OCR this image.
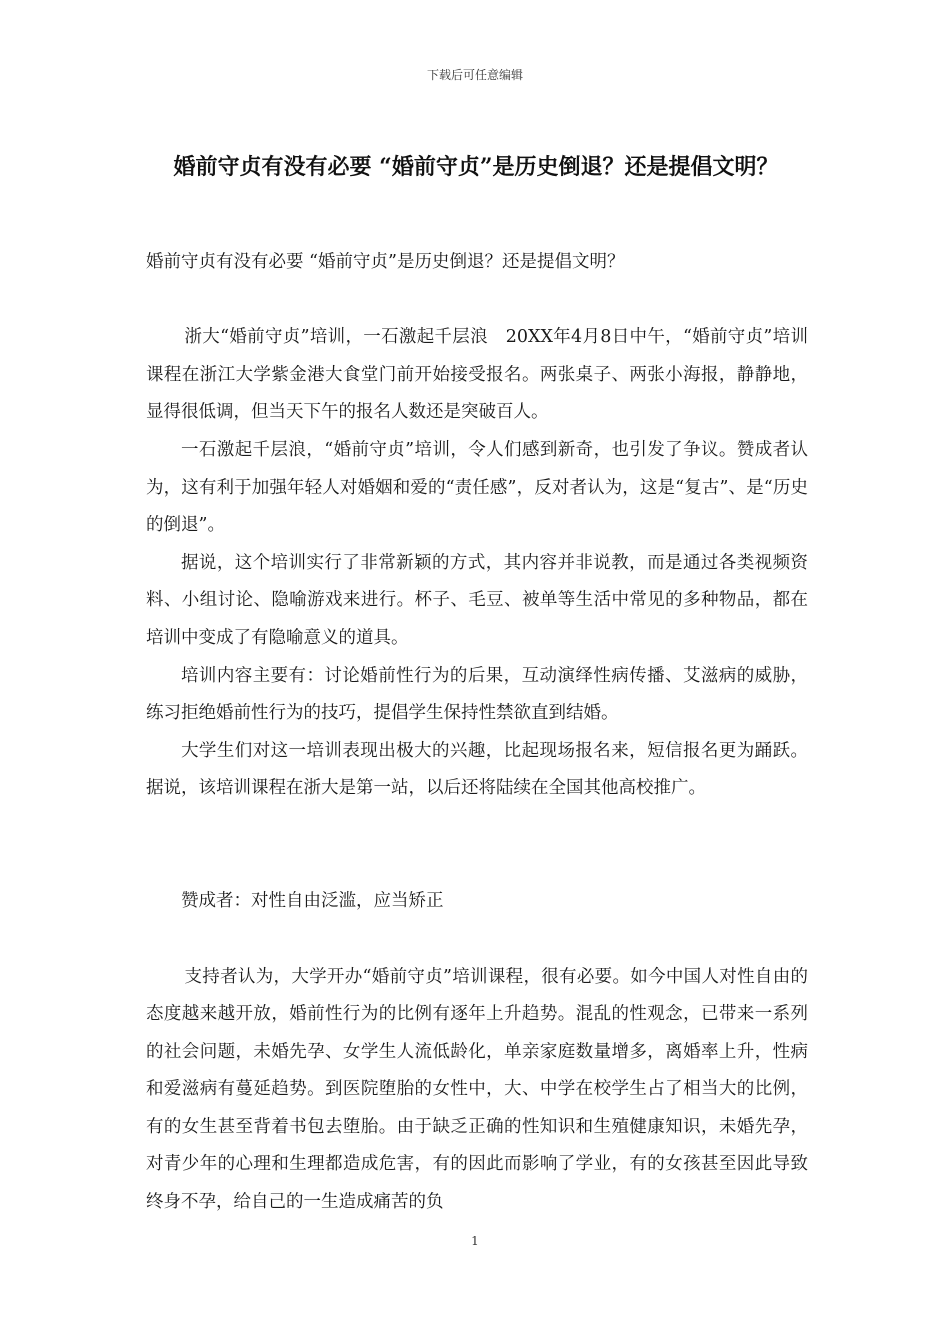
下载后可任意编辑
婚前守贞有没有必要 “婚前守贞”是历史倒退？还是提倡文明？

婚前守贞有没有必要 “婚前守贞”是历史倒退？还是提倡文明？

浙大“婚前守贞”培训，一石激起千层浪　20XX年4月8日中午，“婚前守贞”培训课程在浙江大学紫金港大食堂门前开始接受报名。两张桌子、两张小海报，静静地，显得很低调，但当天下午的报名人数还是突破百人。

一石激起千层浪，“婚前守贞”培训，令人们感到新奇，也引发了争议。赞成者认为，这有利于加强年轻人对婚姻和爱的“责任感”，反对者认为，这是“复古”、是“历史的倒退”。

据说，这个培训实行了非常新颖的方式，其内容并非说教，而是通过各类视频资料、小组讨论、隐喻游戏来进行。杯子、毛豆、被单等生活中常见的多种物品，都在培训中变成了有隐喻意义的道具。

培训内容主要有：讨论婚前性行为的后果，互动演绎性病传播、艾滋病的威胁，练习拒绝婚前性行为的技巧，提倡学生保持性禁欲直到结婚。

大学生们对这一培训表现出极大的兴趣，比起现场报名来，短信报名更为踊跃。据说，该培训课程在浙大是第一站，以后还将陆续在全国其他高校推广。

赞成者：对性自由泛滥，应当矫正

支持者认为，大学开办“婚前守贞”培训课程，很有必要。如今中国人对性自由的态度越来越开放，婚前性行为的比例有逐年上升趋势。混乱的性观念，已带来一系列的社会问题，未婚先孕、女学生人流低龄化，单亲家庭数量增多，离婚率上升，性病和爱滋病有蔓延趋势。到医院堕胎的女性中，大、中学在校学生占了相当大的比例，有的女生甚至背着书包去堕胎。由于缺乏正确的性知识和生殖健康知识，未婚先孕，对青少年的心理和生理都造成危害，有的因此而影响了学业，有的女孩甚至因此导致终身不孕，给自己的一生造成痛苦的负

1
